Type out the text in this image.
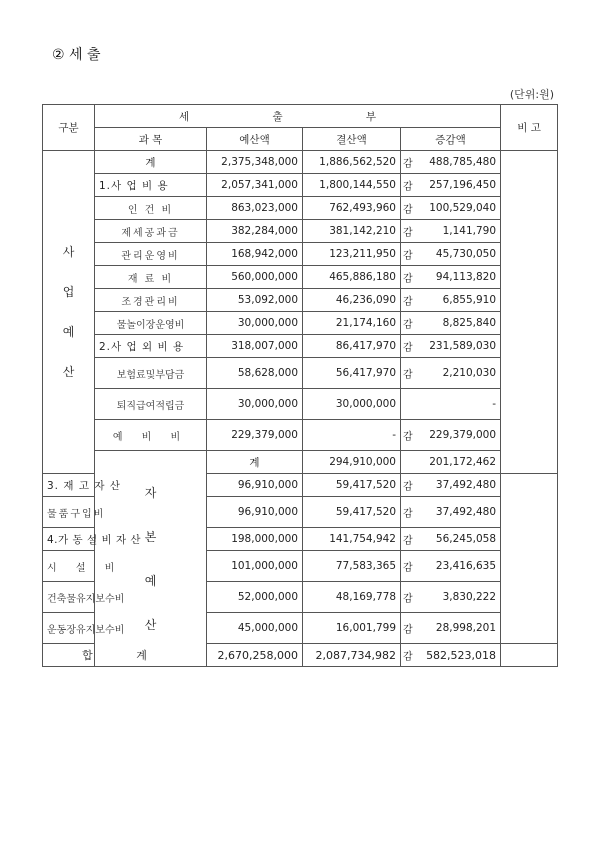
② 세 출
(단위:원)
구분	세 출 부				비 고	
	과 목	예산액	결산액	증감액		

사
업
예
산	계	2,375,348,000	1,886,562,520	감 488,785,480		
	1.사 업 비 용	2,057,341,000	1,800,144,550	감 257,196,450		
	인 건 비	863,023,000	762,493,960	감 100,529,040		
	제세공과금	382,284,000	381,142,210	감 1,141,790		
	관리운영비	168,942,000	123,211,950	감 45,730,050		
	재 료 비	560,000,000	465,886,180	감 94,113,820		
	조경관리비	53,092,000	46,236,090	감 6,855,910		
	물놀이장운영비	30,000,000	21,174,160	감 8,825,840		
	2.사 업 외 비 용	318,007,000	86,417,970	감 231,589,030		
	보험료및부담금	58,628,000	56,417,970	감 2,210,030		
	퇴직급여적립금	30,000,000	30,000,000	-		
	예 비 비	229,379,000	-	감 229,379,000		

	자
본
예
산	계	294,910,000	201,172,462	

3. 재 고 자 산		96,910,000	59,417,520	감 37,492,480		
물품구입비		96,910,000	59,417,520	감 37,492,480		
4.가 동 설 비 자 산		198,000,000	141,754,942	감 56,245,058		
시 설 비		101,000,000	77,583,365	감 23,416,635		
건축물유지보수비		52,000,000	48,169,778	감 3,830,222		
운동장유지보수비		45,000,000	16,001,799	감 28,998,201		
합 계		2,670,258,000	2,087,734,982	감 582,523,018		
